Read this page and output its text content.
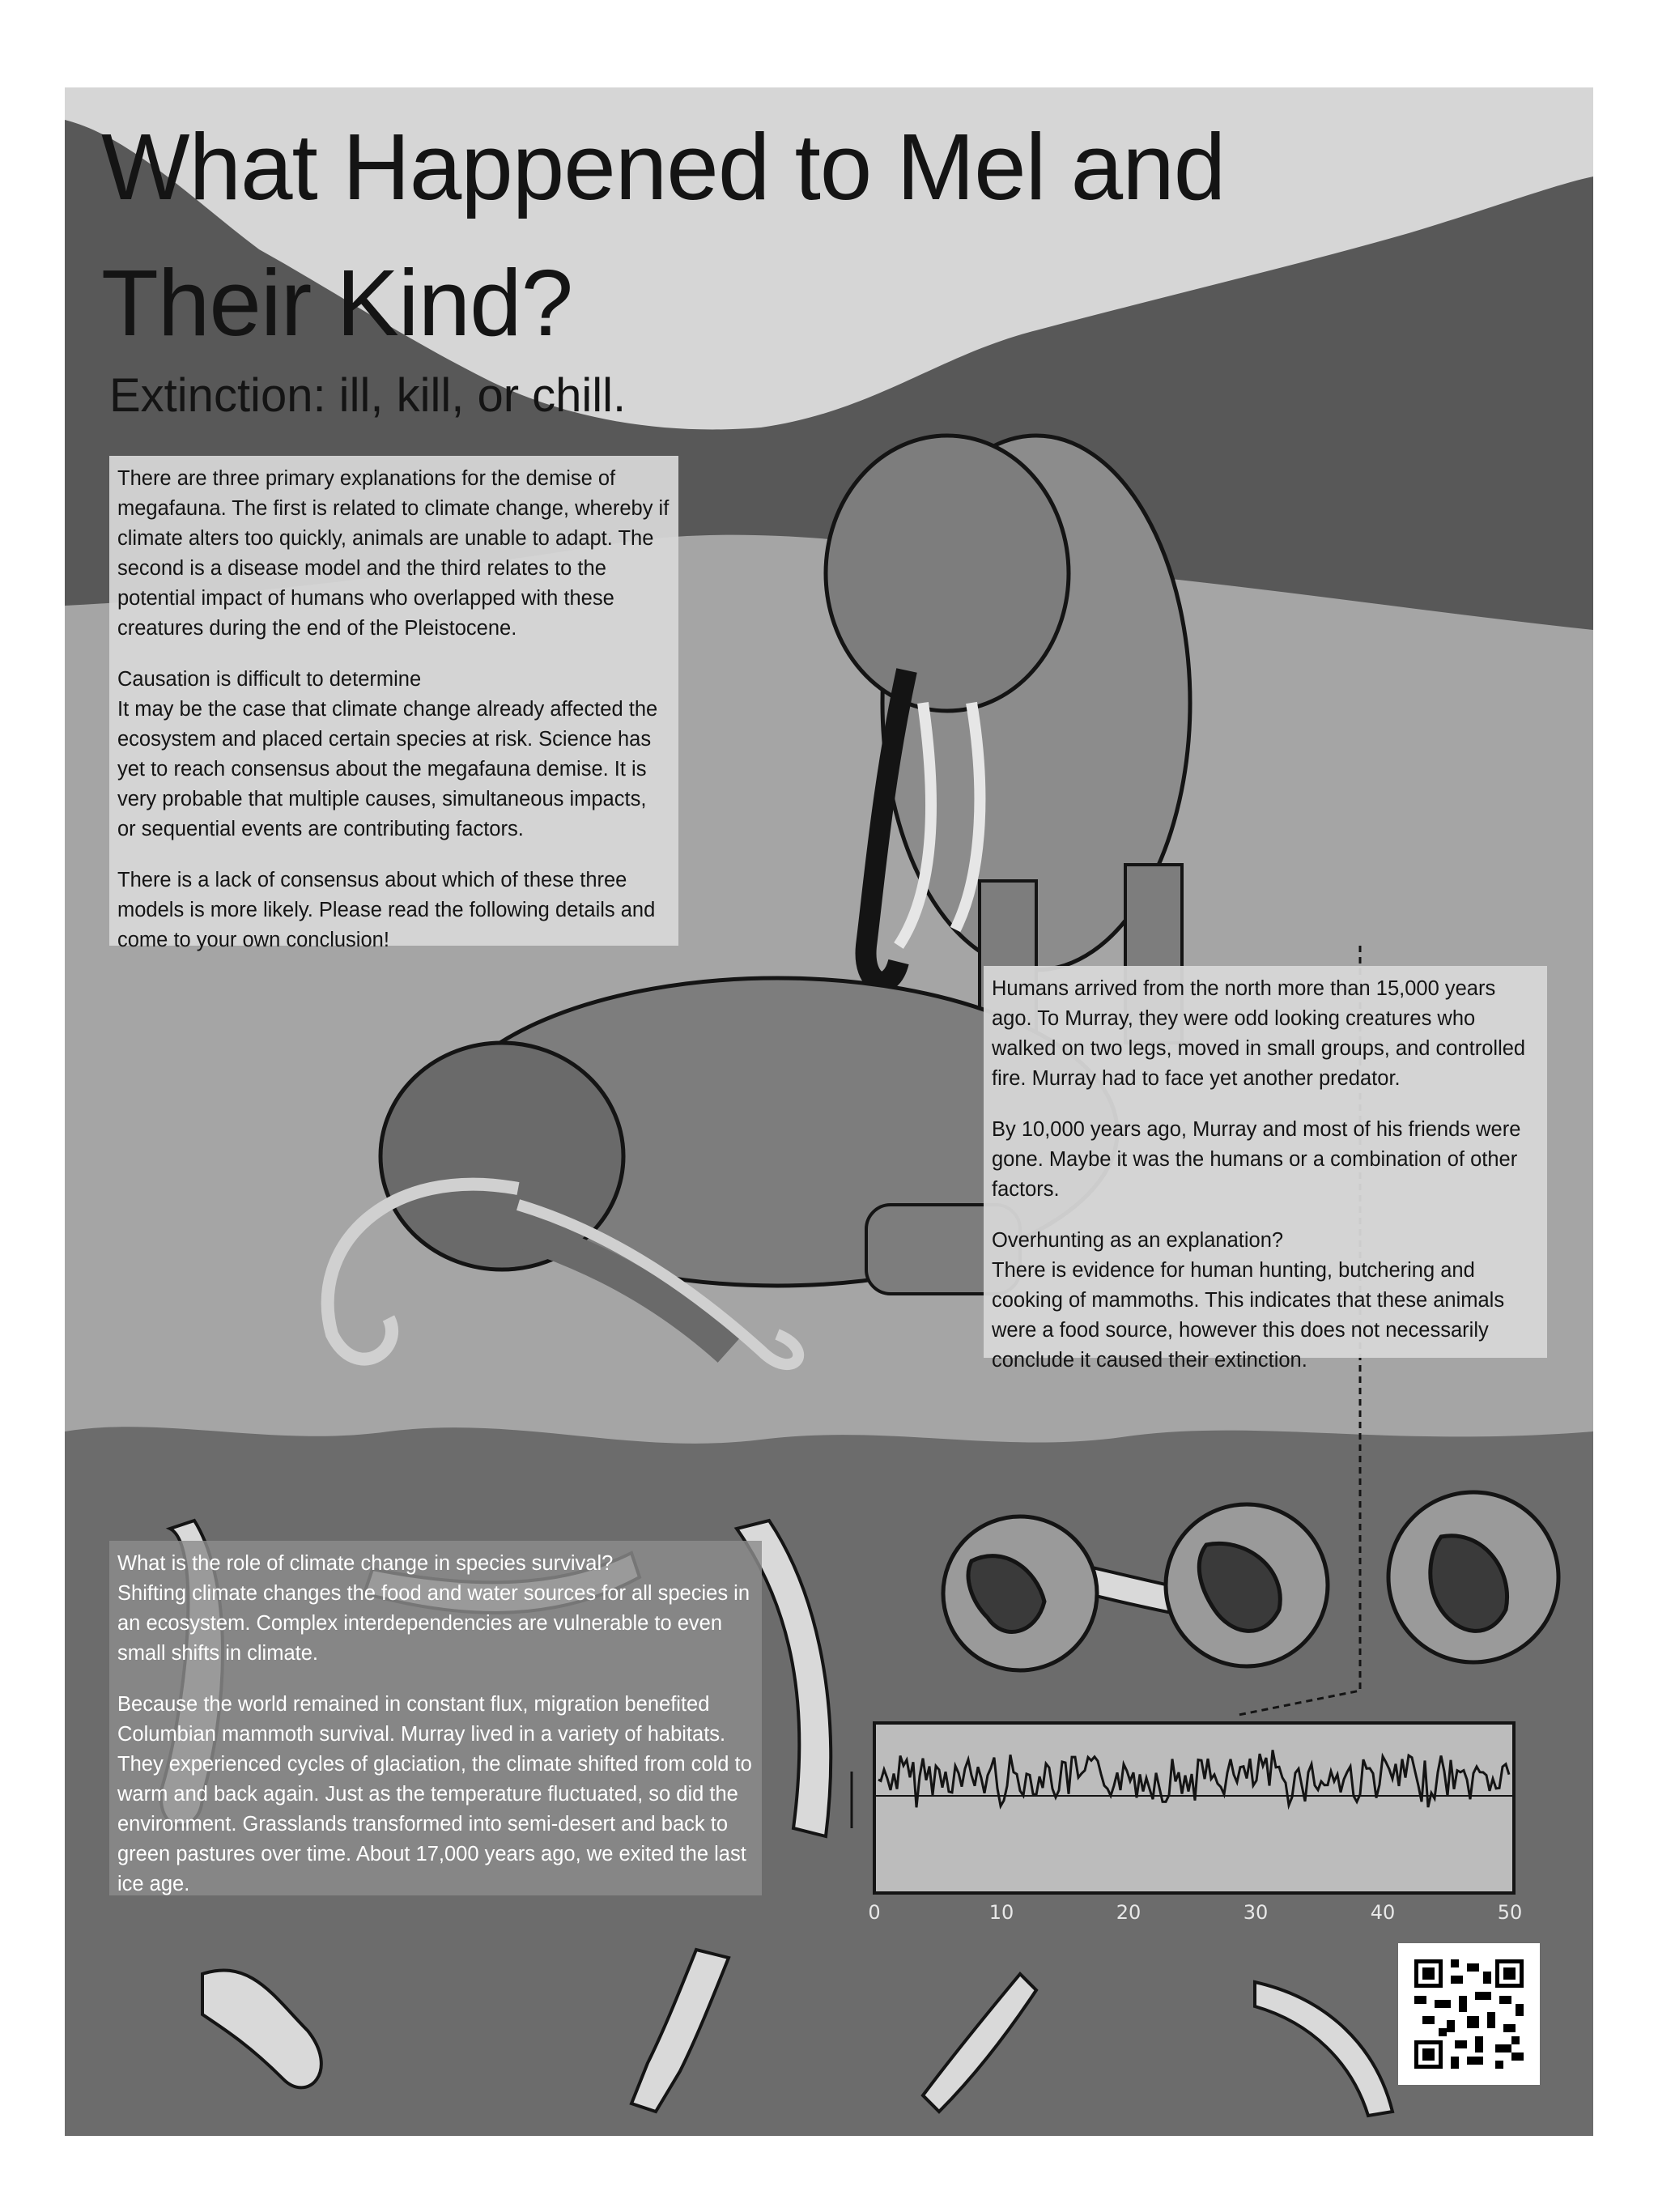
0	10	20	30	40	50
What Happened to Mel and
Their Kind?
Extinction: ill, kill, or chill.

There are three primary explanations for the demise of megafauna. The first is related to climate change, whereby if climate alters too quickly, animals are unable to adapt. The second is a disease model and the third relates to the potential impact of humans who overlapped with these creatures during the end of the Pleistocene.

Causation is difficult to determine
It may be the case that climate change already affected the ecosystem and placed certain species at risk. Science has yet to reach consensus about the megafauna demise. It is very probable that multiple causes, simultaneous impacts, or sequential events are contributing factors.

There is a lack of consensus about which of these three models is more likely. Please read the following details and come to your own conclusion!

Humans arrived from the north more than 15,000 years ago. To Murray, they were odd looking creatures who walked on two legs, moved in small groups, and controlled fire. Murray had to face yet another predator.

By 10,000 years ago, Murray and most of his friends were gone. Maybe it was the humans or a combination of other factors.

Overhunting as an explanation?
There is evidence for human hunting, butchering and cooking of mammoths. This indicates that these animals were a food source, however this does not necessarily conclude it caused their extinction.

What is the role of climate change in species survival?
Shifting climate changes the food and water sources for all species in an ecosystem. Complex interdependencies are vulnerable to even small shifts in climate.

Because the world remained in constant flux, migration benefited Columbian mammoth survival. Murray lived in a variety of habitats. They experienced cycles of glaciation, the climate shifted from cold to warm and back again. Just as the temperature fluctuated, so did the environment. Grasslands transformed into semi-desert and back to green pastures over time. About 17,000 years ago, we exited the last ice age.
